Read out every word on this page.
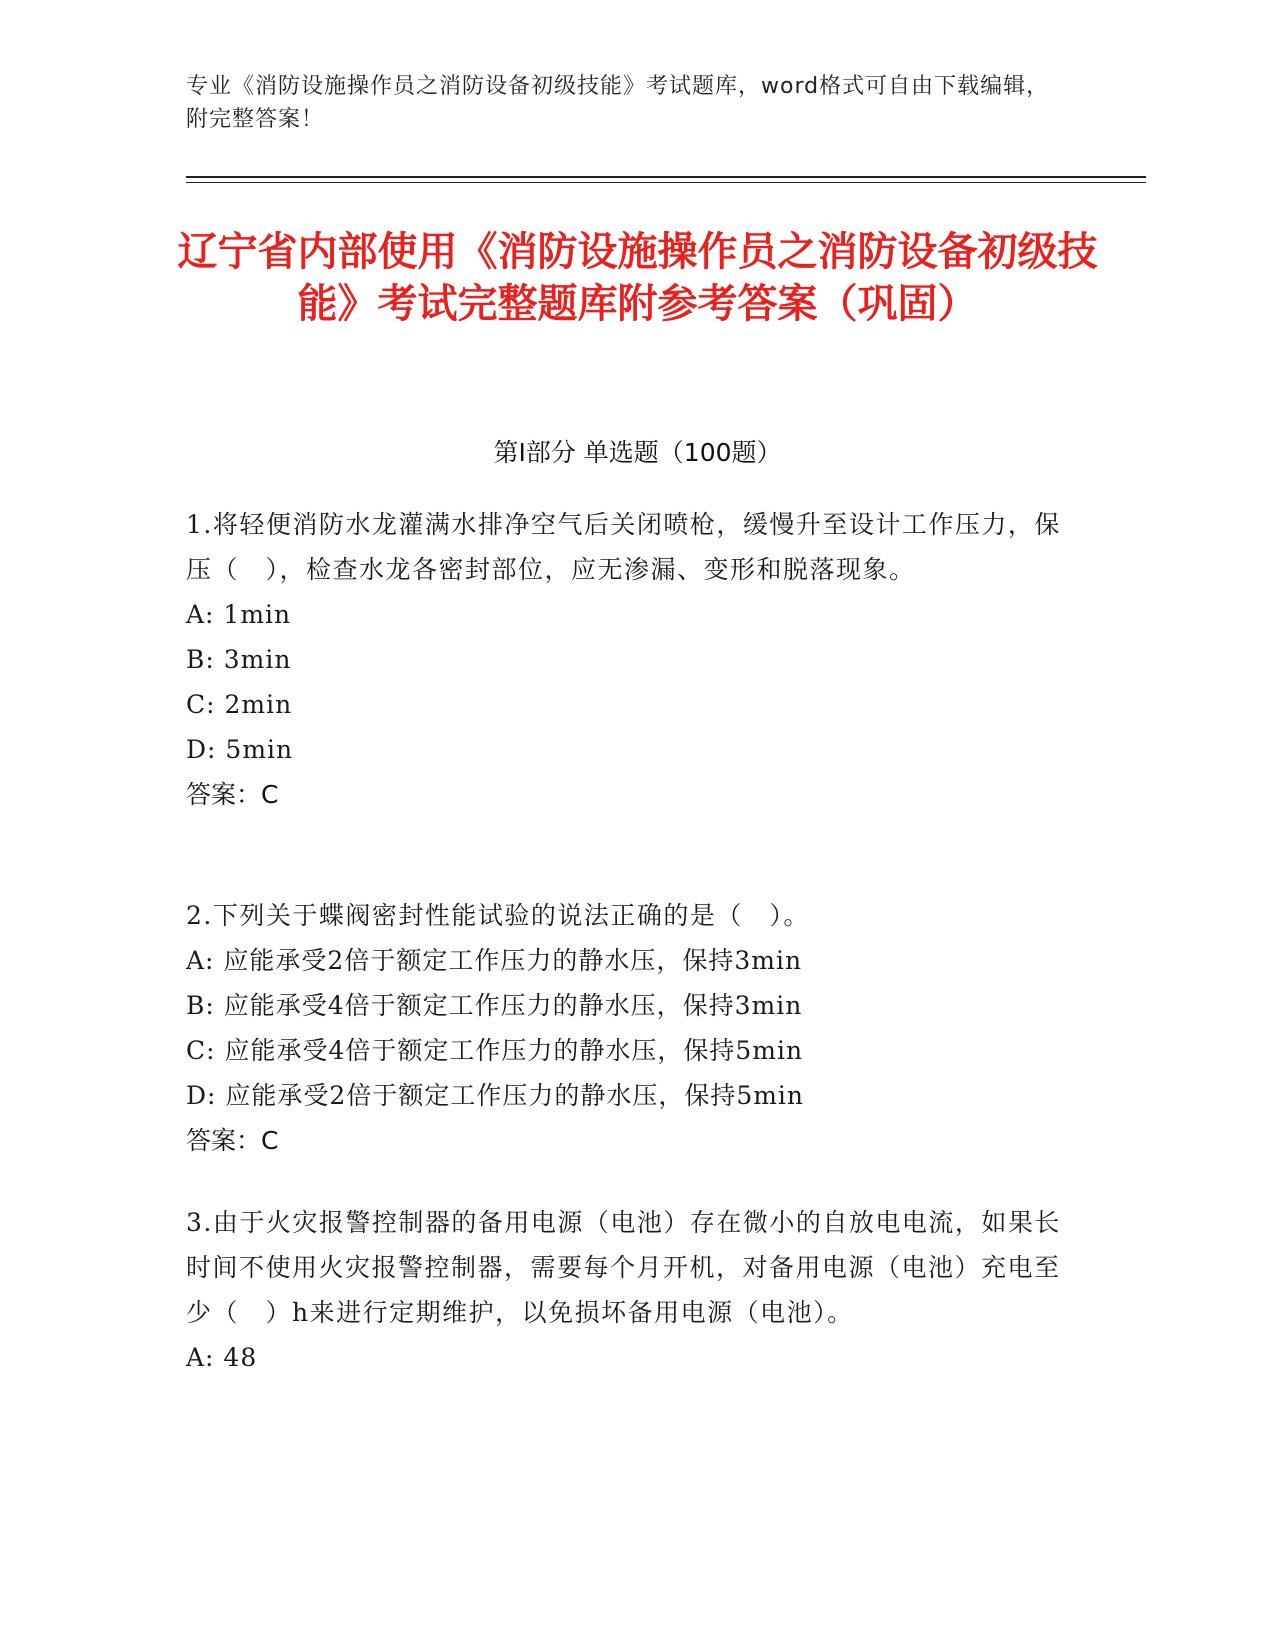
专业《消防设施操作员之消防设备初级技能》考试题库，word格式可自由下载编辑，附完整答案！
辽宁省内部使用《消防设施操作员之消防设备初级技能》考试完整题库附参考答案（巩固）
第Ⅰ部分 单选题（100题）

1.将轻便消防水龙灌满水排净空气后关闭喷枪，缓慢升至设计工作压力，保压（　），检查水龙各密封部位，应无渗漏、变形和脱落现象。

A: 1min

B: 3min

C: 2min

D: 5min

答案：C

2.下列关于蝶阀密封性能试验的说法正确的是（　）。

A: 应能承受2倍于额定工作压力的静水压，保持3min

B: 应能承受4倍于额定工作压力的静水压，保持3min

C: 应能承受4倍于额定工作压力的静水压，保持5min

D: 应能承受2倍于额定工作压力的静水压，保持5min

答案：C

3.由于火灾报警控制器的备用电源（电池）存在微小的自放电电流，如果长时间不使用火灾报警控制器，需要每个月开机，对备用电源（电池）充电至少（　）h来进行定期维护，以免损坏备用电源（电池）。

A: 48
